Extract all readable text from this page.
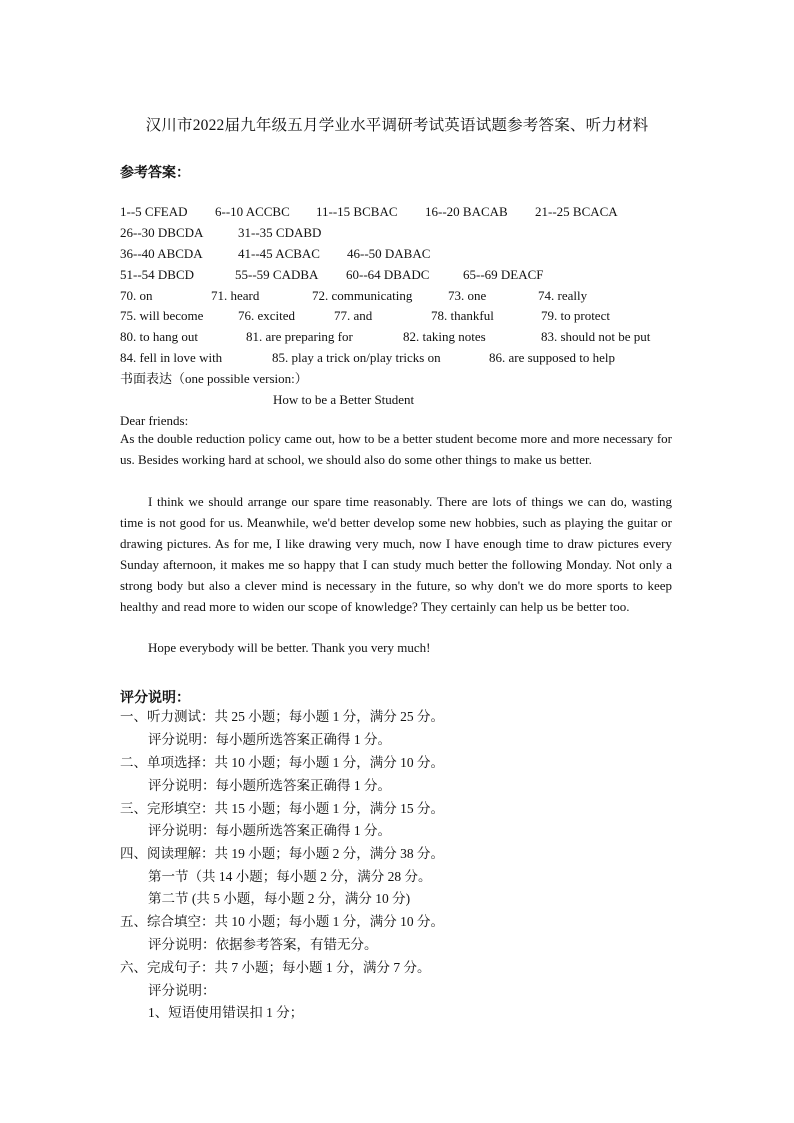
汉川市2022届九年级五月学业水平调研考试英语试题参考答案、听力材料
参考答案：
1--5 CFEAD 6--10 ACCBC 11--15 BCBAC 16--20 BACAB 21--25 BCACA
26--30 DBCDA	31--35 CDABD
36--40 ABCDA	41--45 ACBAC 46--50 DABAC
51--54 DBCD	55--59 CADBA 60--64 DBADC	65--69 DEACF
70. on	71. heard	72. communicating	73. one	74. really
75. will become	76. excited	77. and	78. thankful	79. to protect
80. to hang out	81. are preparing for	82. taking notes	83. should not be put
84. fell in love with	85. play a trick on/play tricks on	86. are supposed to help
书面表达（one possible version:）
How to be a Better Student
Dear friends:
As the double reduction policy came out, how to be a better student become more and more necessary for us. Besides working hard at school, we should also do some other things to make us better.
I think we should arrange our spare time reasonably. There are lots of things we can do, wasting time is not good for us. Meanwhile, we'd better develop some new hobbies, such as playing the guitar or drawing pictures. As for me, I like drawing very much, now I have enough time to draw pictures every Sunday afternoon, it makes me so happy that I can study much better the following Monday. Not only a strong body but also a clever mind is necessary in the future, so why don't we do more sports to keep healthy and read more to widen our scope of knowledge? They certainly can help us be better too.
Hope everybody will be better. Thank you very much!
评分说明：
一、听力测试：共 25 小题；每小题 1 分，满分 25 分。
评分说明：每小题所选答案正确得 1 分。
二、单项选择：共 10 小题；每小题 1 分，满分 10 分。
评分说明：每小题所选答案正确得 1 分。
三、完形填空：共 15 小题；每小题 1 分，满分 15 分。
评分说明：每小题所选答案正确得 1 分。
四、阅读理解：共 19 小题；每小题 2 分，满分 38 分。
第一节（共 14 小题；每小题 2 分，满分 28 分。
第二节 (共 5 小题，每小题 2 分，满分 10 分)
五、综合填空：共 10 小题；每小题 1 分，满分 10 分。
评分说明：依据参考答案，有错无分。
六、完成句子：共 7 小题；每小题 1 分，满分 7 分。
评分说明：
1、短语使用错误扣 1 分；
